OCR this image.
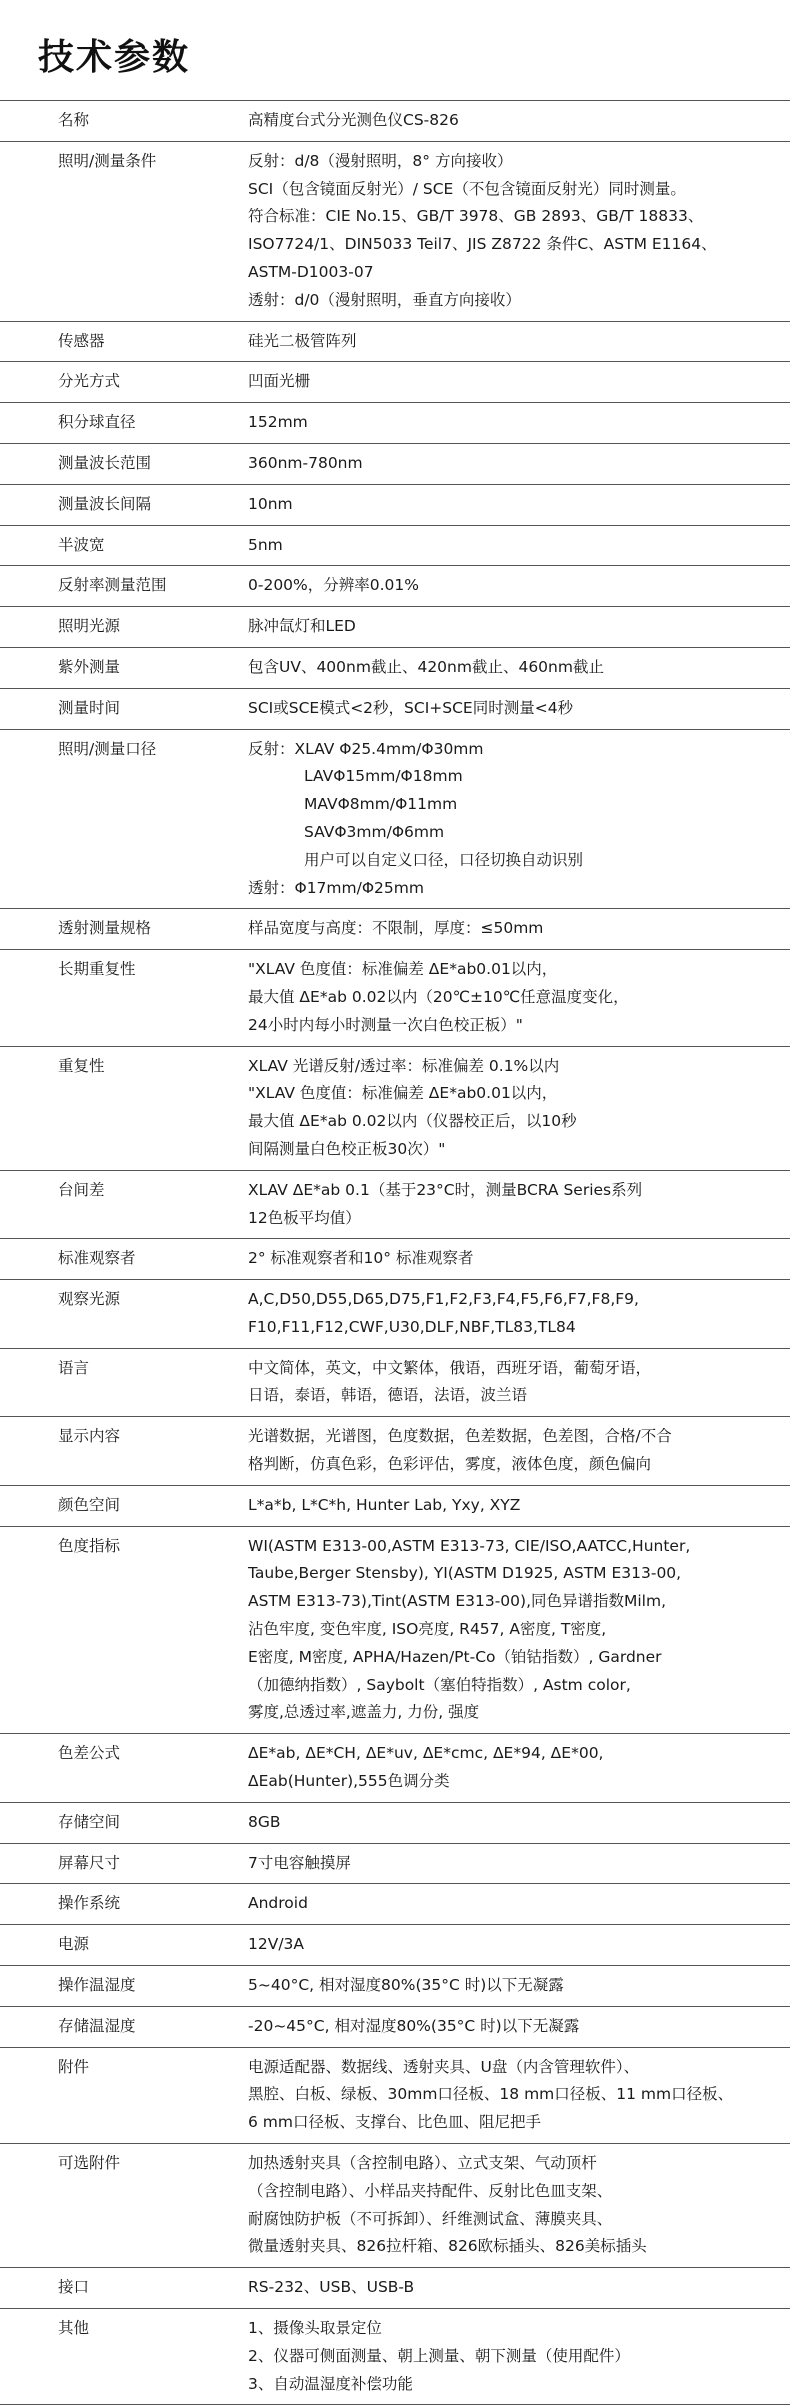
技术参数
名称	高精度台式分光测色仪CS-826
照明/测量条件	反射：d/8（漫射照明，8° 方向接收）
SCI（包含镜面反射光）/ SCE（不包含镜面反射光）同时测量。
符合标准：CIE No.15、GB/T 3978、GB 2893、GB/T 18833、
ISO7724/1、DIN5033 Teil7、JIS Z8722 条件C、ASTM E1164、
ASTM-D1003-07
透射：d/0（漫射照明，垂直方向接收）
传感器	硅光二极管阵列
分光方式	凹面光栅
积分球直径	152mm
测量波长范围	360nm-780nm
测量波长间隔	10nm
半波宽	5nm
反射率测量范围	0-200%，分辨率0.01%
照明光源	脉冲氙灯和LED
紫外测量	包含UV、400nm截止、420nm截止、460nm截止
测量时间	SCI或SCE模式<2秒，SCI+SCE同时测量<4秒
照明/测量口径	反射：XLAV Φ25.4mm/Φ30mm
LAVΦ15mm/Φ18mm
MAVΦ8mm/Φ11mm
SAVΦ3mm/Φ6mm
用户可以自定义口径，口径切换自动识别
透射：Φ17mm/Φ25mm
透射测量规格	样品宽度与高度：不限制，厚度：≤50mm
长期重复性	"XLAV 色度值：标准偏差 ΔE*ab0.01以内，
最大值 ΔE*ab 0.02以内（20℃±10℃任意温度变化，
24小时内每小时测量一次白色校正板）"
重复性	XLAV 光谱反射/透过率：标准偏差 0.1%以内
"XLAV 色度值：标准偏差 ΔE*ab0.01以内，
最大值 ΔE*ab 0.02以内（仪器校正后，以10秒
间隔测量白色校正板30次）"
台间差	XLAV ΔE*ab 0.1（基于23°C时，测量BCRA Series系列
12色板平均值）
标准观察者	2° 标准观察者和10° 标准观察者
观察光源	A,C,D50,D55,D65,D75,F1,F2,F3,F4,F5,F6,F7,F8,F9,
F10,F11,F12,CWF,U30,DLF,NBF,TL83,TL84
语言	中文简体，英文，中文繁体，俄语，西班牙语，葡萄牙语，
日语，泰语，韩语，德语，法语，波兰语
显示内容	光谱数据，光谱图，色度数据，色差数据，色差图，合格/不合
格判断，仿真色彩，色彩评估，雾度，液体色度，颜色偏向
颜色空间	L*a*b, L*C*h, Hunter Lab, Yxy, XYZ
色度指标	WI(ASTM E313-00,ASTM E313-73, CIE/ISO,AATCC,Hunter,
Taube,Berger Stensby), YI(ASTM D1925, ASTM E313-00,
ASTM E313-73),Tint(ASTM E313-00),同色异谱指数Milm,
沾色牢度, 变色牢度, ISO亮度, R457, A密度, T密度,
E密度, M密度, APHA/Hazen/Pt-Co（铂钴指数）, Gardner
（加德纳指数）, Saybolt（塞伯特指数）, Astm color,
雾度,总透过率,遮盖力, 力份, 强度
色差公式	ΔE*ab, ΔE*CH, ΔE*uv, ΔE*cmc, ΔE*94, ΔE*00,
ΔEab(Hunter),555色调分类
存储空间	8GB
屏幕尺寸	7寸电容触摸屏
操作系统	Android
电源	12V/3A
操作温湿度	5~40°C, 相对湿度80%(35°C 时)以下无凝露
存储温湿度	-20~45°C, 相对湿度80%(35°C 时)以下无凝露
附件	电源适配器、数据线、透射夹具、U盘（内含管理软件）、
黑腔、白板、绿板、30mm口径板、18 mm口径板、11 mm口径板、
6 mm口径板、支撑台、比色皿、阻尼把手
可选附件	加热透射夹具（含控制电路）、立式支架、气动顶杆
（含控制电路）、小样品夹持配件、反射比色皿支架、
耐腐蚀防护板（不可拆卸）、纤维测试盒、薄膜夹具、
微量透射夹具、826拉杆箱、826欧标插头、826美标插头
接口	RS-232、USB、USB-B
其他	1、摄像头取景定位
2、仪器可侧面测量、朝上测量、朝下测量（使用配件）
3、自动温湿度补偿功能
